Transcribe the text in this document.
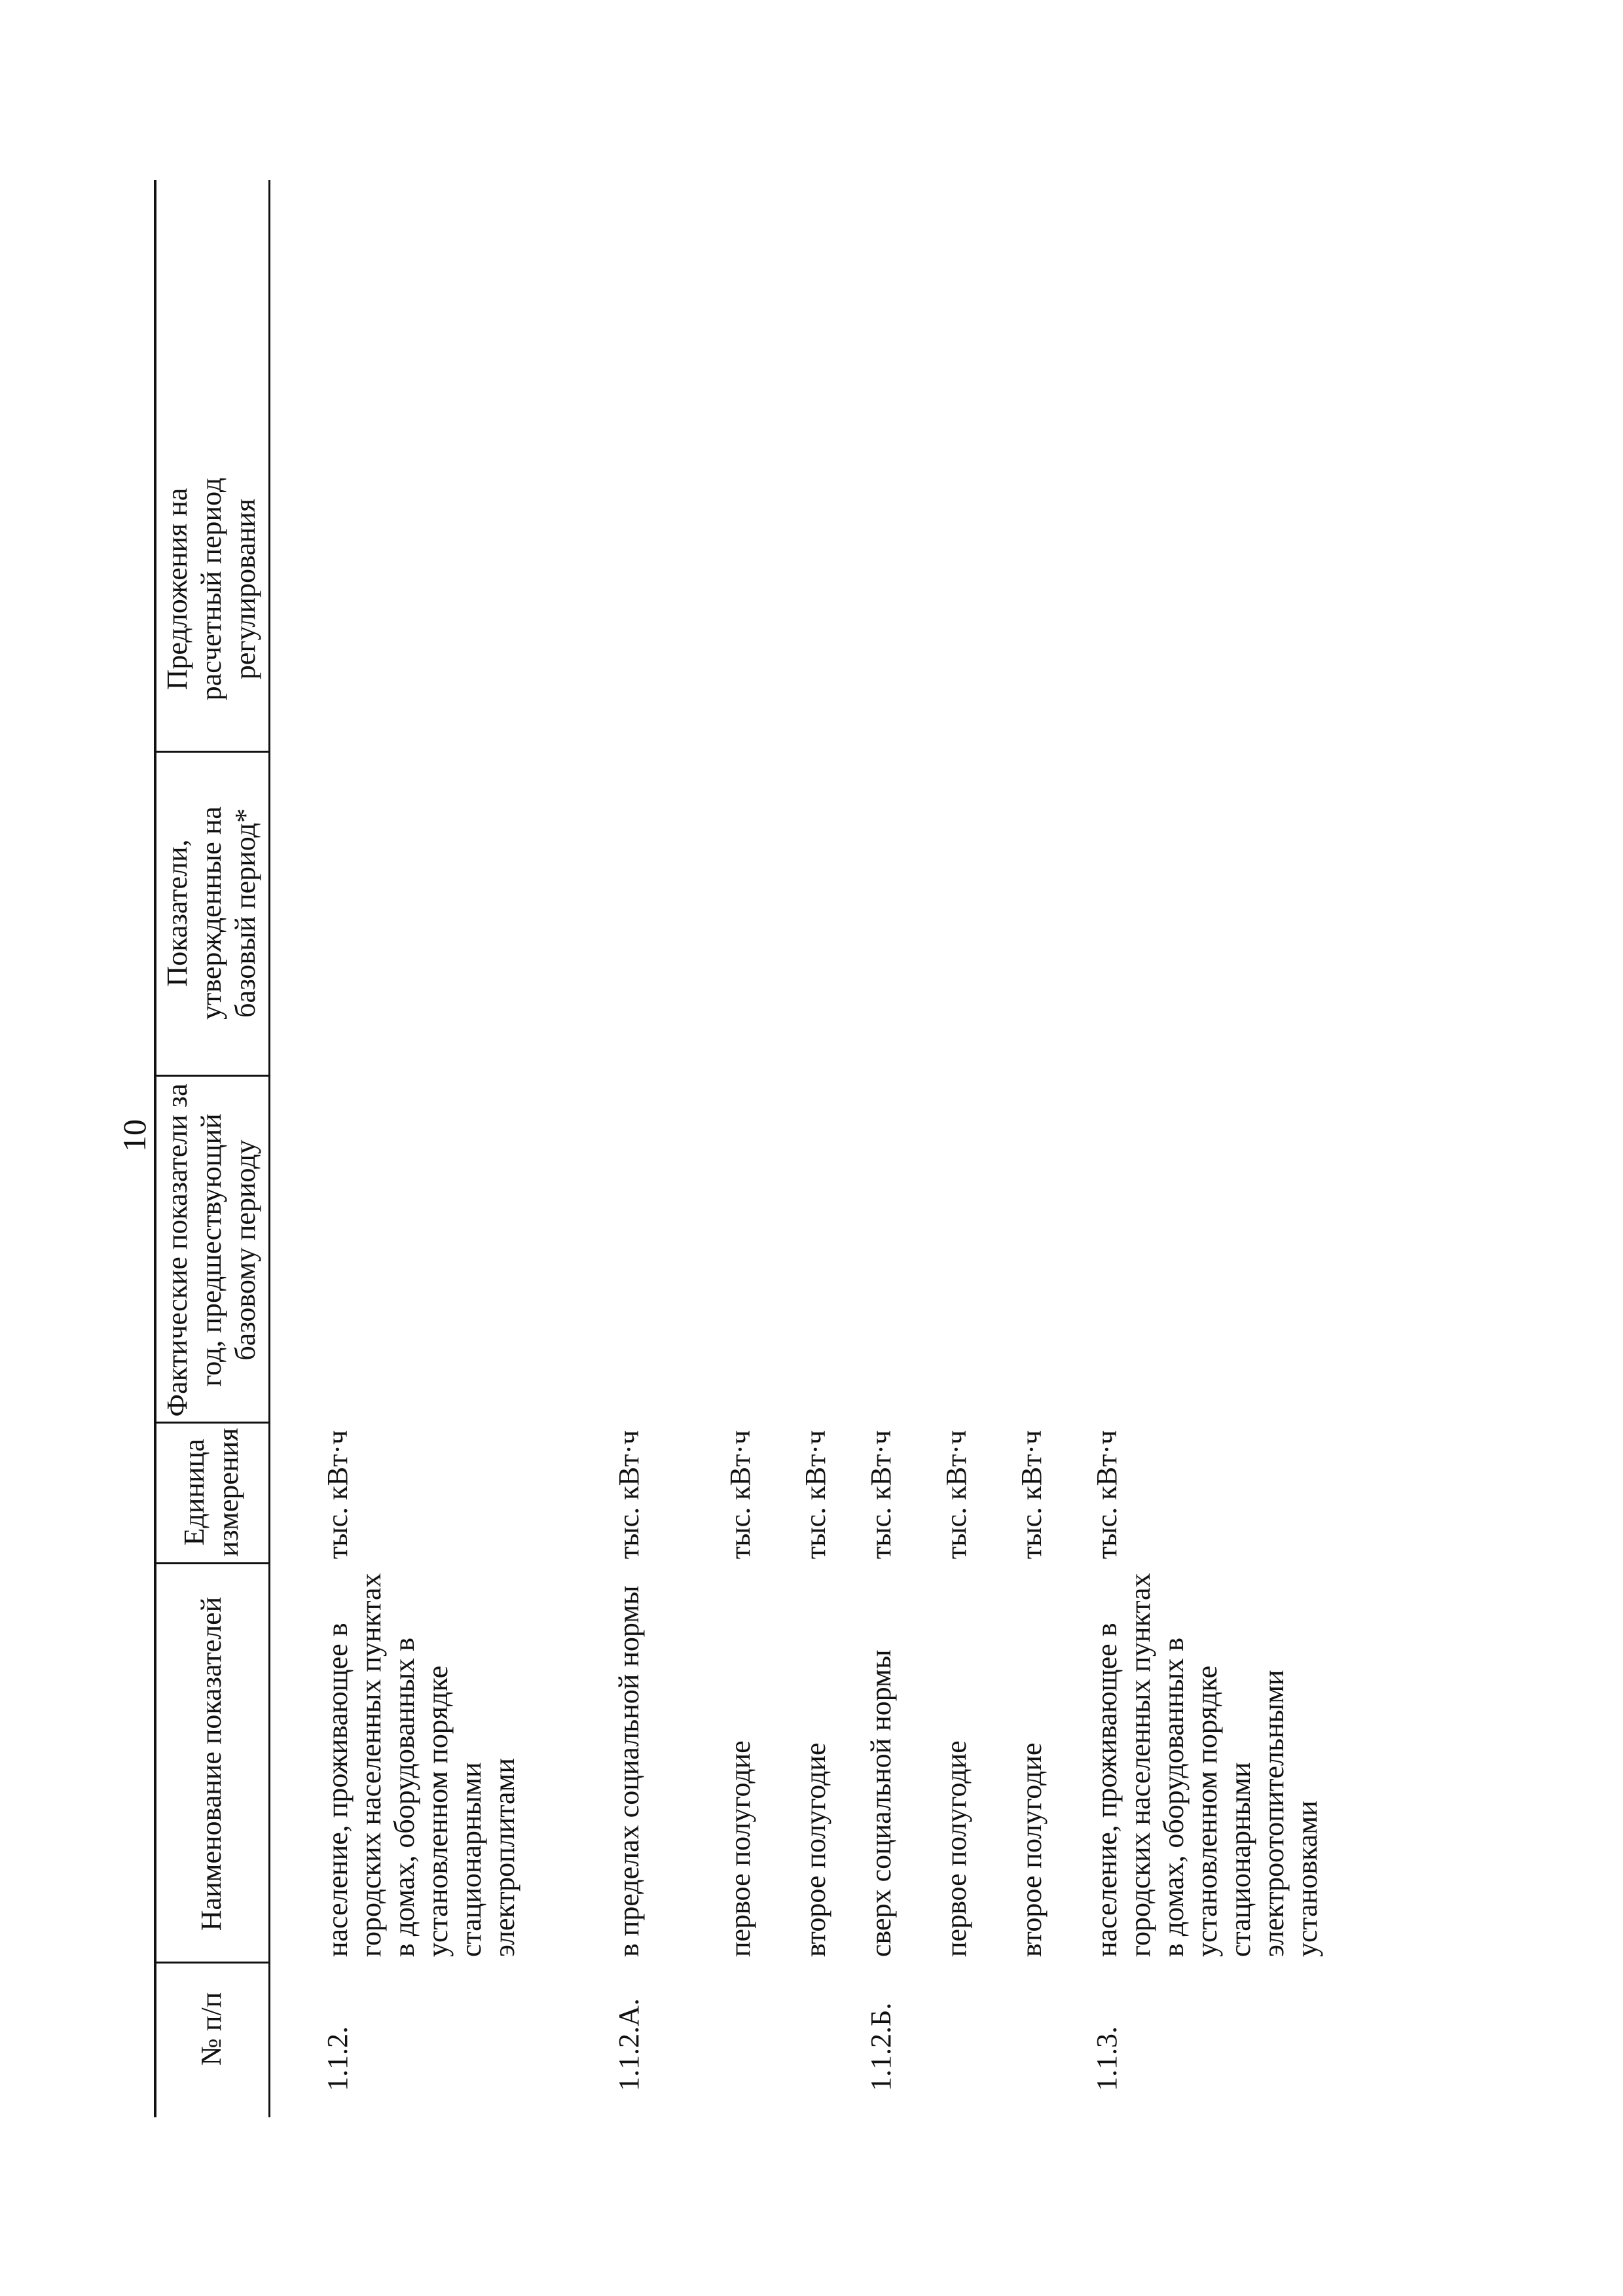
10
№ п/п
Наименование показателей
Единица измерения
Фактические показатели за год, предшествующий базовому периоду
Показатели, утвержденные на базовый период*
Предложения на расчетный период регулирования
1.1.2.
население, проживающее в городских населенных пунктах в домах, оборудованных в установленном порядке стационарными электроплитами
тыс. кВт·ч
1.1.2.А.
в пределах социальной нормы
тыс. кВт·ч
первое полугодие
тыс. кВт·ч
второе полугодие
тыс. кВт·ч
1.1.2.Б.
сверх социальной нормы
тыс. кВт·ч
первое полугодие
тыс. кВт·ч
второе полугодие
тыс. кВт·ч
1.1.3.
население, проживающее в городских населенных пунктах в домах, оборудованных в установленном порядке стационарными электроотопительными установками
тыс. кВт·ч
